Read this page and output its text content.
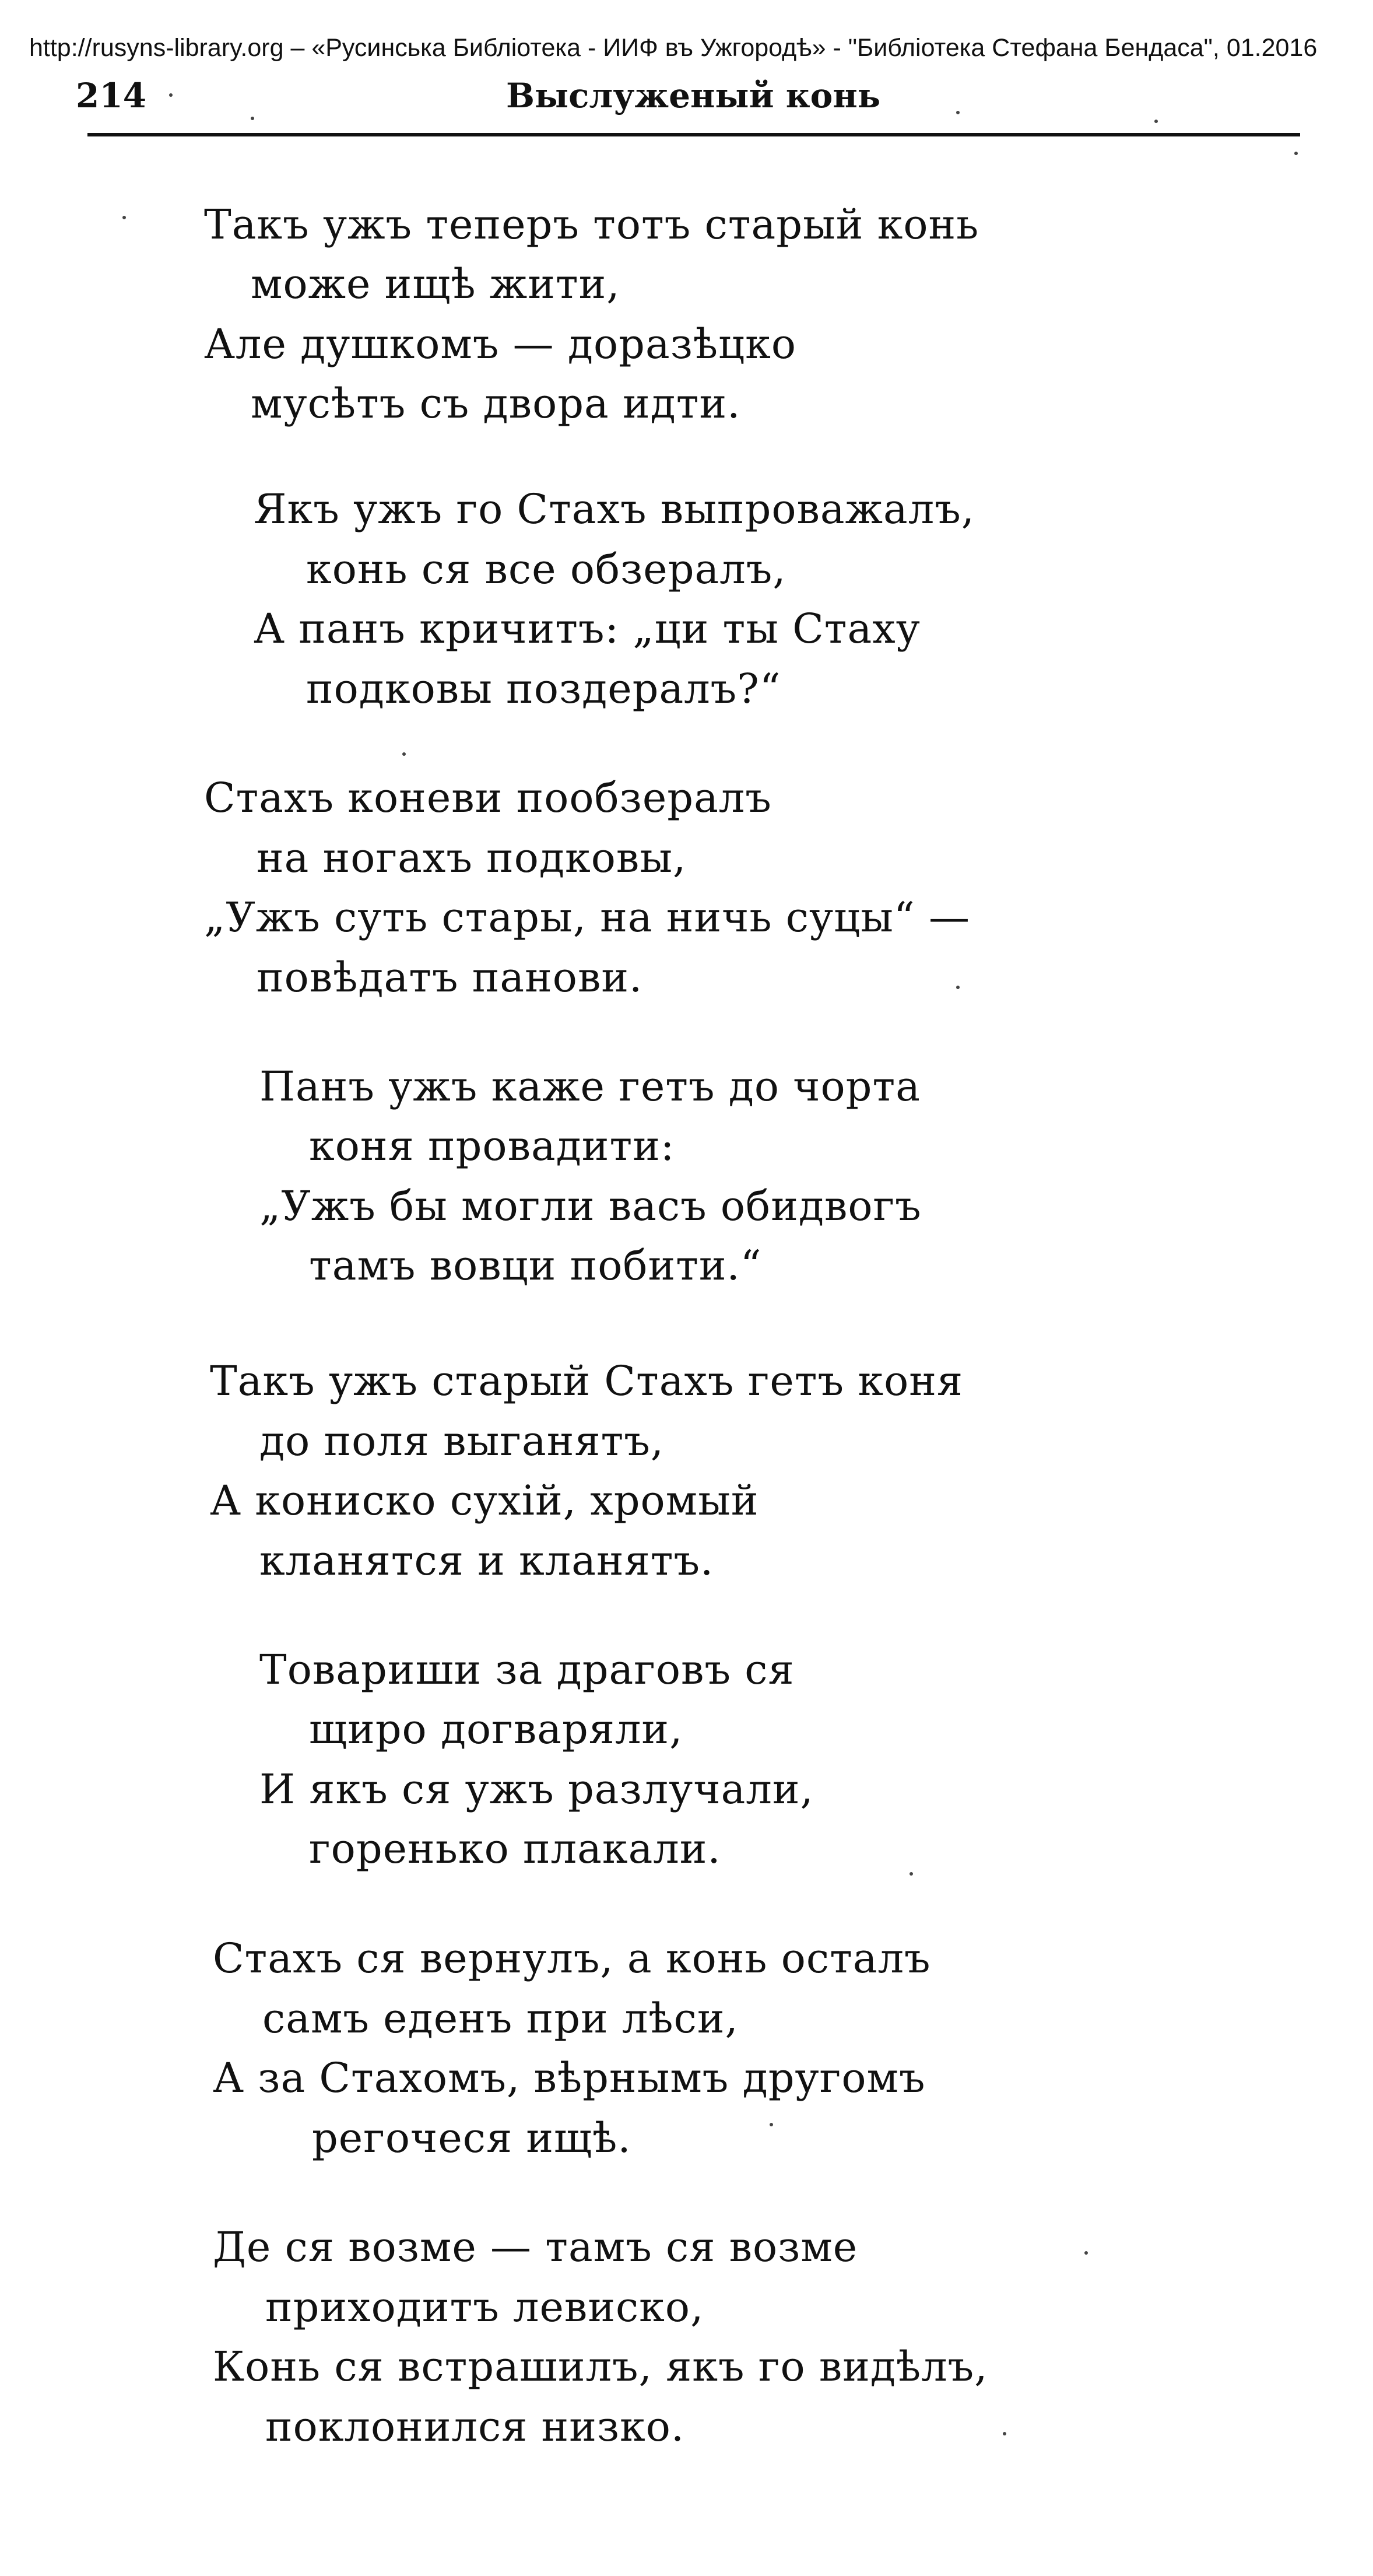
http://rusyns-library.org – «Русинська Библіотека - ИИФ въ Ужгородѣ» - "Библіотека Стефана Бендаса", 01.2016
214	Выслуженый конь
Такъ ужъ теперъ тотъ старый конь
може ищѣ жити,
Але душкомъ — доразѣцко
мусѣтъ съ двора идти.
Якъ ужъ го Стахъ выпроважалъ,
конь ся все обзералъ,
А панъ кричитъ: „ци ты Стаху
подковы поздералъ?“
Стахъ коневи пообзералъ
на ногахъ подковы,
„Ужъ суть стары, на ничь суцы“ —
повѣдатъ панови.
Панъ ужъ каже гетъ до чорта
коня провадити:
„Ужъ бы могли васъ обидвогъ
тамъ вовци побити.“
Такъ ужъ старый Стахъ гетъ коня
до поля выганятъ,
А кониско сухій, хромый
кланятся и кланятъ.
Товариши за драговъ ся
щиро догваряли,
И якъ ся ужъ разлучали,
гоpенько плакали.
Стахъ ся вернулъ, а конь осталъ
самъ еденъ при лѣси,
А за Стахомъ, вѣрнымъ другомъ
регочеся ищѣ.
Де ся возме — тамъ ся возме
приходитъ левиско,
Конь ся встрашилъ, якъ го видѣлъ,
поклонился низко.
